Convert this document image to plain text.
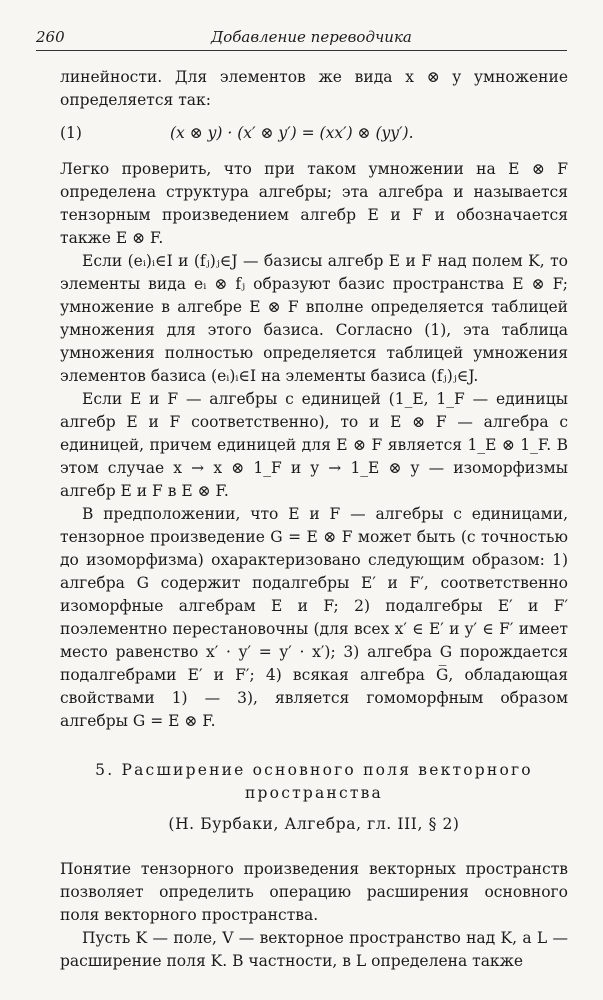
260	Добавление переводчика
линейности. Для элементов же вида x ⊗ y умножение определяется так:
(1)	(x ⊗ y) · (x′ ⊗ y′) = (xx′) ⊗ (yy′).
Легко проверить, что при таком умножении на E ⊗ F определена структура алгебры; эта алгебра и называется тензорным произведением алгебр E и F и обозначается также E ⊗ F.
Если (eᵢ)ᵢ∈I и (fⱼ)ⱼ∈J — базисы алгебр E и F над полем K, то элементы вида eᵢ ⊗ fⱼ образуют базис пространства E ⊗ F; умножение в алгебре E ⊗ F вполне определяется таблицей умножения для этого базиса. Согласно (1), эта таблица умножения полностью определяется таблицей умножения элементов базиса (eᵢ)ᵢ∈I на элементы базиса (fⱼ)ⱼ∈J.
Если E и F — алгебры с единицей (1_E, 1_F — единицы алгебр E и F соответственно), то и E ⊗ F — алгебра с единицей, причем единицей для E ⊗ F является 1_E ⊗ 1_F. В этом случае x → x ⊗ 1_F и y → 1_E ⊗ y — изоморфизмы алгебр E и F в E ⊗ F.
В предположении, что E и F — алгебры с единицами, тензорное произведение G = E ⊗ F может быть (с точностью до изоморфизма) охарактеризовано следующим образом: 1) алгебра G содержит подалгебры E′ и F′, соответственно изоморфные алгебрам E и F; 2) подалгебры E′ и F′ поэлементно перестановочны (для всех x′ ∈ E′ и y′ ∈ F′ имеет место равенство x′ · y′ = y′ · x′); 3) алгебра G порождается подалгебрами E′ и F′; 4) всякая алгебра G̅, обладающая свойствами 1) — 3), является гомоморфным образом алгебры G = E ⊗ F.
5. Расширение основного поля векторного
пространства
(Н. Бурбаки, Алгебра, гл. III, § 2)
Понятие тензорного произведения векторных пространств позволяет определить операцию расширения основного поля векторного пространства.
Пусть K — поле, V — векторное пространство над K, а L — расширение поля K. В частности, в L определена также
